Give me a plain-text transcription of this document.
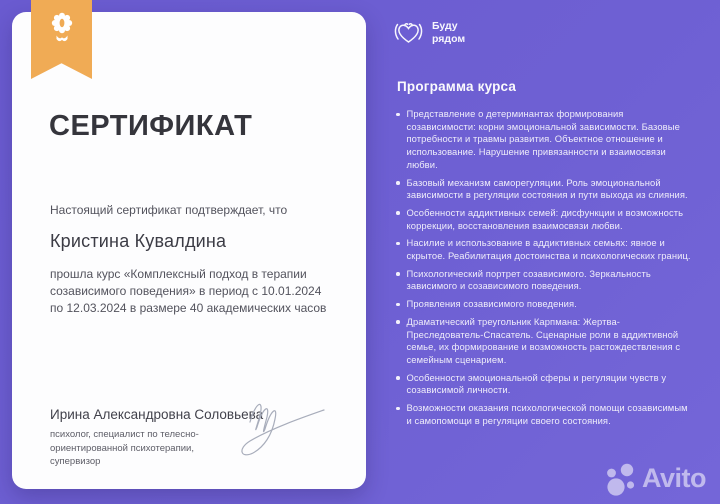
СЕРТИФИКАТ
Настоящий сертификат подтверждает, что
Кристина Кувалдина
прошла курс «Комплексный подход в терапии созависимого поведения» в период с 10.01.2024 по 12.03.2024 в размере 40 академических часов
Ирина Александровна Соловьева
психолог, специалист по телесно-ориентированной психотерапии, супервизор
Буду
рядом
Программа курса
Представление о детерминантах формирования созависимости: корни эмоциональной зависимости. Базовые потребности и травмы развития. Объектное отношение и использование. Нарушение привязанности и взаимосвязи любви.
Базовый механизм саморегуляции. Роль эмоциональной зависимости в регуляции состояния и пути выхода из слияния.
Особенности аддиктивных семей: дисфункции и возможность коррекции, восстановления взаимосвязи любви.
Насилие и использование в аддиктивных семьях: явное и скрытое. Реабилитация достоинства и психологических границ.
Психологический портрет созависимого. Зеркальность зависимого и созависимого поведения.
Проявления созависимого поведения.
Драматический треугольник Карпмана: Жертва-Преследователь-Спасатель. Сценарные роли в аддиктивной семье, их формирование и возможность растождествления с семейным сценарием.
Особенности эмоциональной сферы и регуляции чувств у созависимой личности.
Возможности оказания психологической помощи созависимым и самопомощи в регуляции своего состояния.
Avito
